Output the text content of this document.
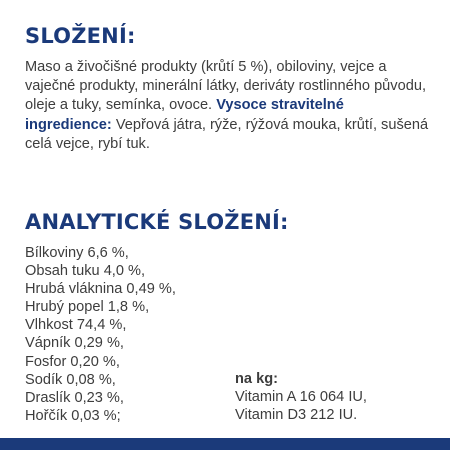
SLOŽENÍ:
Maso a živočišné produkty (krůtí 5 %), obiloviny, vejce a vaječné produkty, minerální látky, deriváty rostlinného původu, oleje a tuky, semínka, ovoce. Vysoce stravitelné ingredience: Vepřová játra, rýže, rýžová mouka, krůtí, sušená celá vejce, rybí tuk.
ANALYTICKÉ SLOŽENÍ:
Bílkoviny 6,6 %,
Obsah tuku 4,0 %,
Hrubá vláknina 0,49 %,
Hrubý popel 1,8 %,
Vlhkost 74,4 %,
Vápník 0,29 %,
Fosfor 0,20 %,
Sodík 0,08 %,
Draslík 0,23 %,
Hořčík 0,03 %;
na kg:
Vitamin A 16 064 IU,
Vitamin D3 212 IU.
